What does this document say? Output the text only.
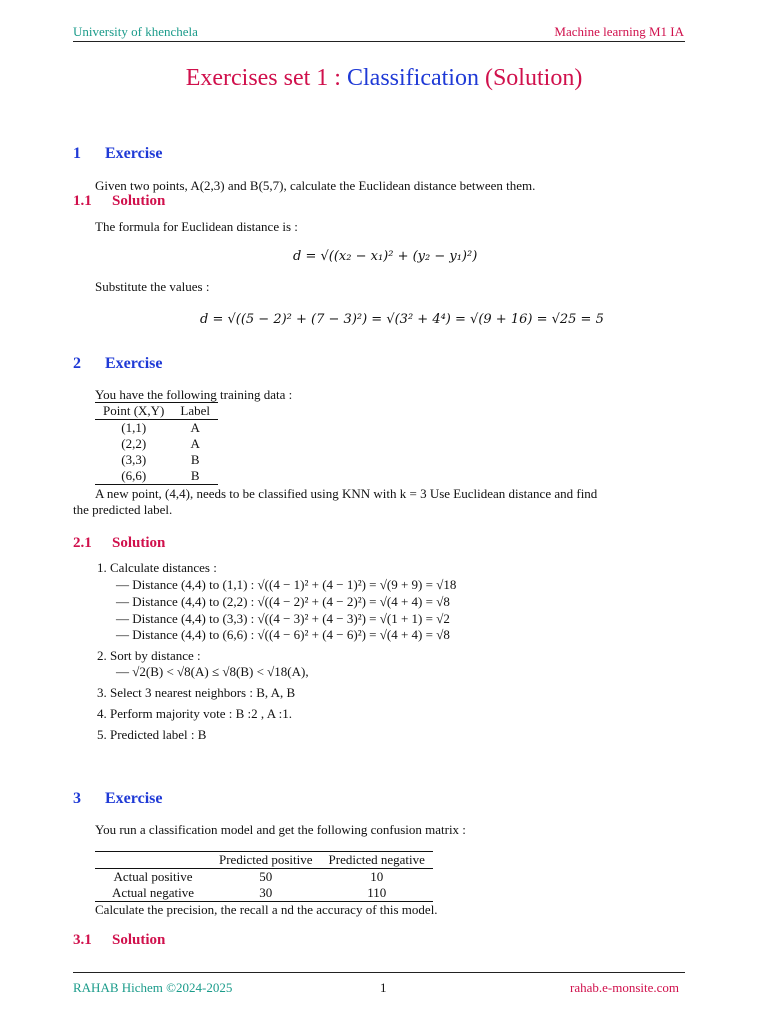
University of khenchela	Machine learning M1 IA
Exercises set 1 : Classification (Solution)
1 Exercise
Given two points, A(2,3) and B(5,7), calculate the Euclidean distance between them.
1.1 Solution
The formula for Euclidean distance is :
d = √((x₂ − x₁)² + (y₂ − y₁)²)
Substitute the values :
d = √((5 − 2)² + (7 − 3)²) = √(3² + 4⁴) = √(9 + 16) = √25 = 5
2 Exercise
You have the following training data :
Point (X,Y)	Label
(1,1)	A
(2,2)	A
(3,3)	B
(6,6)	B
A new point, (4,4), needs to be classified using KNN with k = 3 Use Euclidean distance and find
the predicted label.
2.1 Solution
1. Calculate distances :
— Distance (4,4) to (1,1) : √((4 − 1)² + (4 − 1)²) = √(9 + 9) = √18
— Distance (4,4) to (2,2) : √((4 − 2)² + (4 − 2)²) = √(4 + 4) = √8
— Distance (4,4) to (3,3) : √((4 − 3)² + (4 − 3)²) = √(1 + 1) = √2
— Distance (4,4) to (6,6) : √((4 − 6)² + (4 − 6)²) = √(4 + 4) = √8
2. Sort by distance :
— √2(B) < √8(A) ≤ √8(B) < √18(A),
3. Select 3 nearest neighbors : B, A, B
4. Perform majority vote : B :2 , A :1.
5. Predicted label : B
3 Exercise
You run a classification model and get the following confusion matrix :
	Predicted positive	Predicted negative
Actual positive	50	10
Actual negative	30	110
Calculate the precision, the recall a nd the accuracy of this model.
3.1 Solution
RAHAB Hichem ©2024-2025	1	rahab.e-monsite.com
